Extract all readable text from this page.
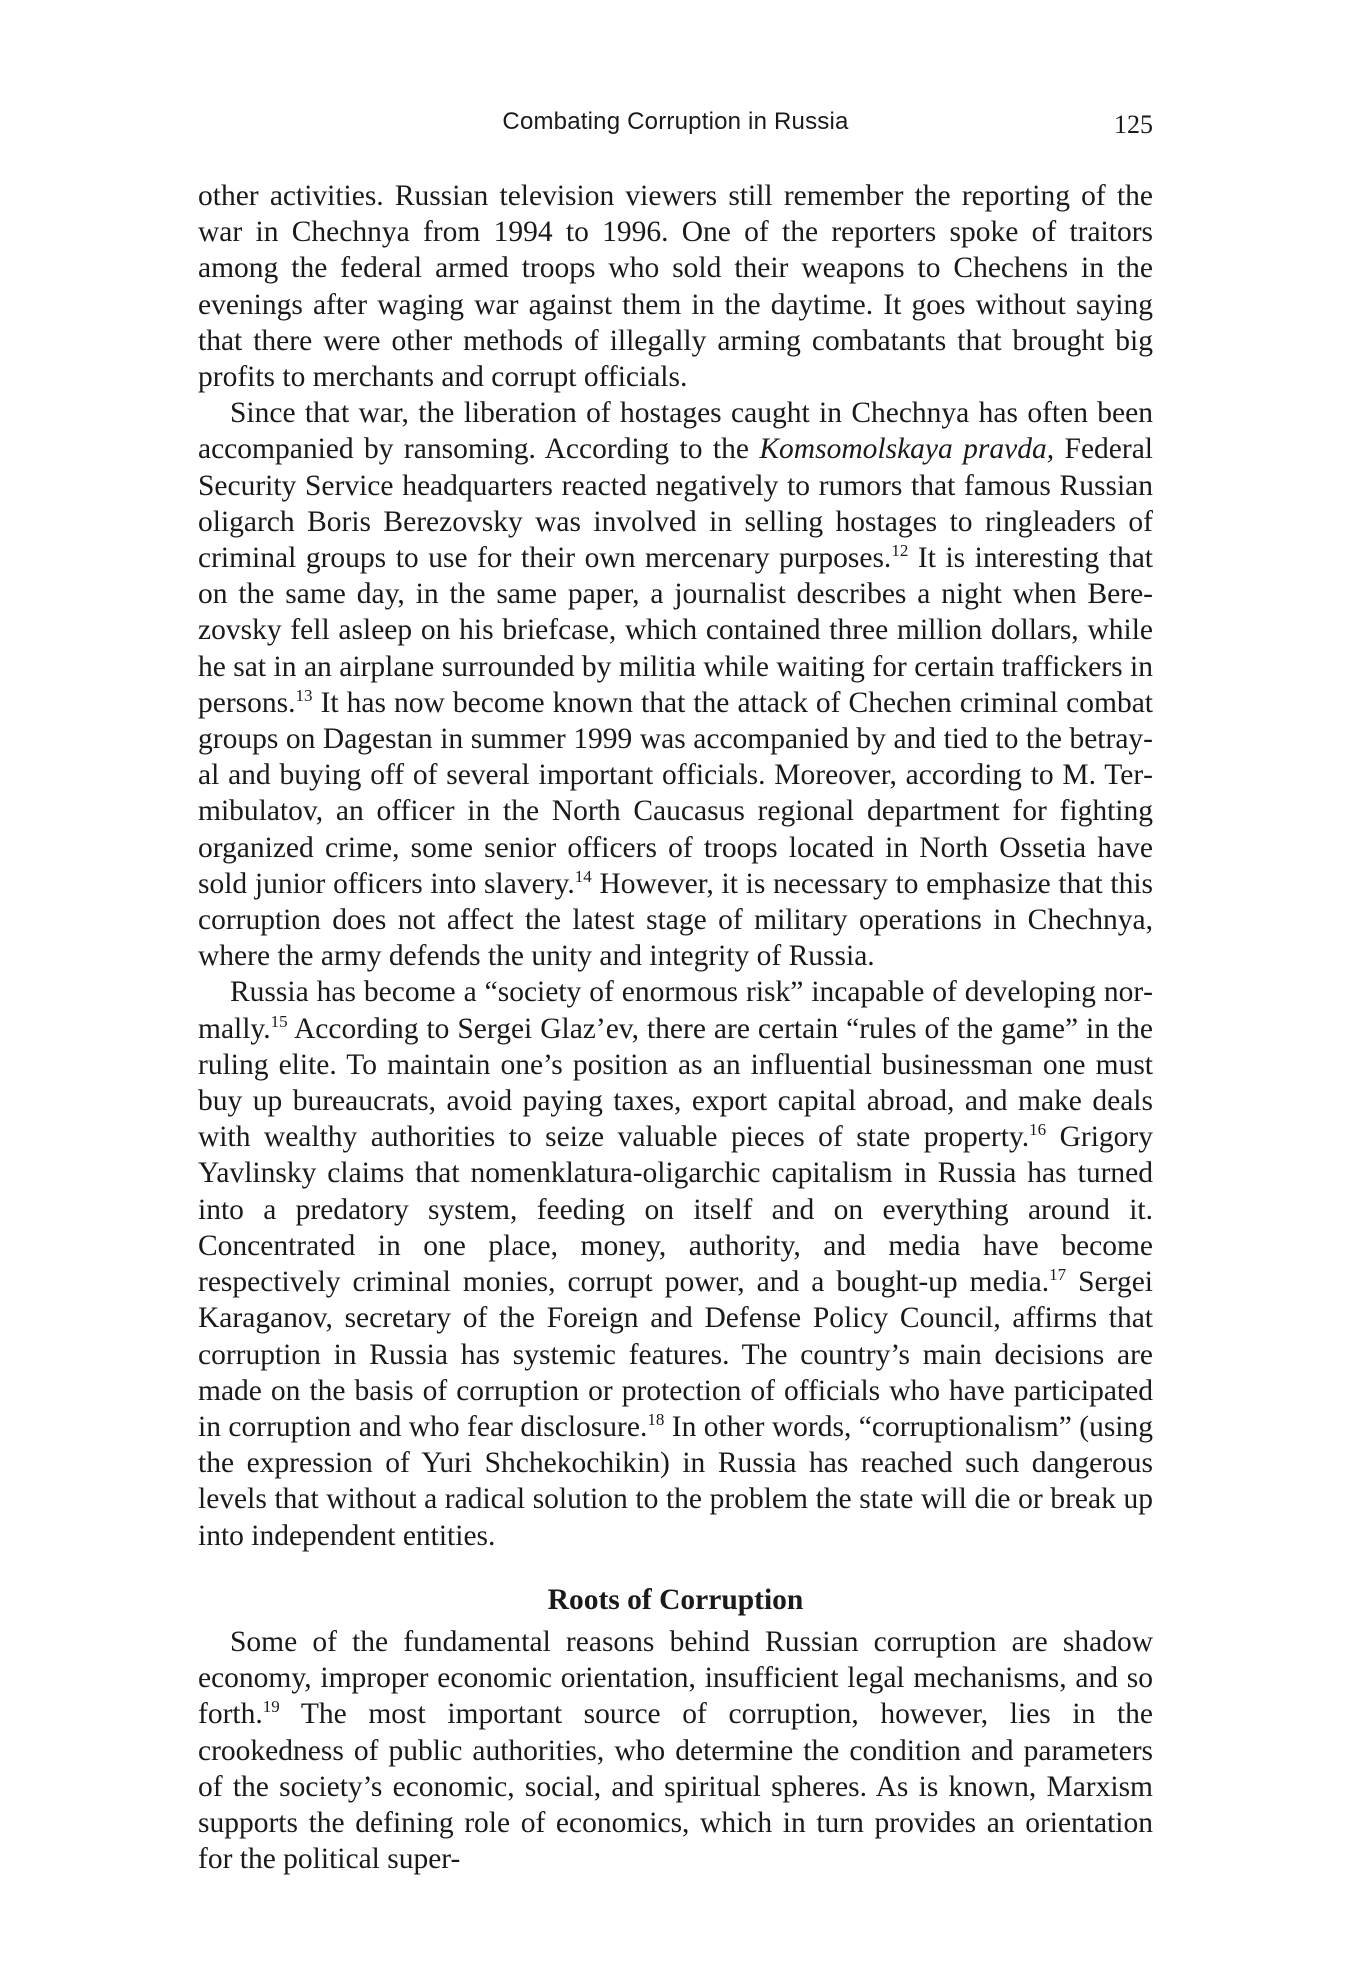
Combating Corruption in Russia	125

other activities. Russian television viewers still remember the reporting of the war in Chechnya from 1994 to 1996. One of the reporters spoke of traitors among the federal armed troops who sold their weapons to Chechens in the evenings after waging war against them in the daytime. It goes without saying that there were other methods of illegally arming combatants that brought big profits to merchants and corrupt officials.

Since that war, the liberation of hostages caught in Chechnya has often been accompanied by ransoming. According to the Komsomolskaya pravda, Federal Security Service headquarters reacted negatively to rumors that famous Russian oligarch Boris Berezovsky was involved in selling hostages to ringleaders of criminal groups to use for their own mercenary purposes.$^{12}$ It is interesting that on the same day, in the same paper, a journalist describes a night when Berezovsky fell asleep on his briefcase, which contained three million dollars, while he sat in an airplane surrounded by militia while waiting for certain traffickers in persons.$^{13}$ It has now become known that the attack of Chechen criminal combat groups on Dagestan in summer 1999 was accompanied by and tied to the betrayal and buying off of several important officials. Moreover, according to M. Termibulatov, an officer in the North Caucasus regional department for fighting organized crime, some senior officers of troops located in North Ossetia have sold junior officers into slavery.$^{14}$ However, it is necessary to emphasize that this corruption does not affect the latest stage of military operations in Chechnya, where the army defends the unity and integrity of Russia.

Russia has become a “society of enormous risk” incapable of developing normally.$^{15}$ According to Sergei Glaz’ev, there are certain “rules of the game” in the ruling elite. To maintain one’s position as an influential businessman one must buy up bureaucrats, avoid paying taxes, export capital abroad, and make deals with wealthy authorities to seize valuable pieces of state property.$^{16}$ Grigory Yavlinsky claims that nomenklatura-oligarchic capitalism in Russia has turned into a predatory system, feeding on itself and on everything around it. Concentrated in one place, money, authority, and media have become respectively criminal monies, corrupt power, and a bought-up media.$^{17}$ Sergei Karaganov, secretary of the Foreign and Defense Policy Council, affirms that corruption in Russia has systemic features. The country’s main decisions are made on the basis of corruption or protection of officials who have participated in corruption and who fear disclosure.$^{18}$ In other words, “corruptionalism” (using the expression of Yuri Shchekochikin) in Russia has reached such dangerous levels that without a radical solution to the problem the state will die or break up into independent entities.

Roots of Corruption

Some of the fundamental reasons behind Russian corruption are shadow economy, improper economic orientation, insufficient legal mechanisms, and so forth.$^{19}$ The most important source of corruption, however, lies in the crookedness of public authorities, who determine the condition and parameters of the society’s economic, social, and spiritual spheres. As is known, Marxism supports the defining role of economics, which in turn provides an orientation for the political super-
